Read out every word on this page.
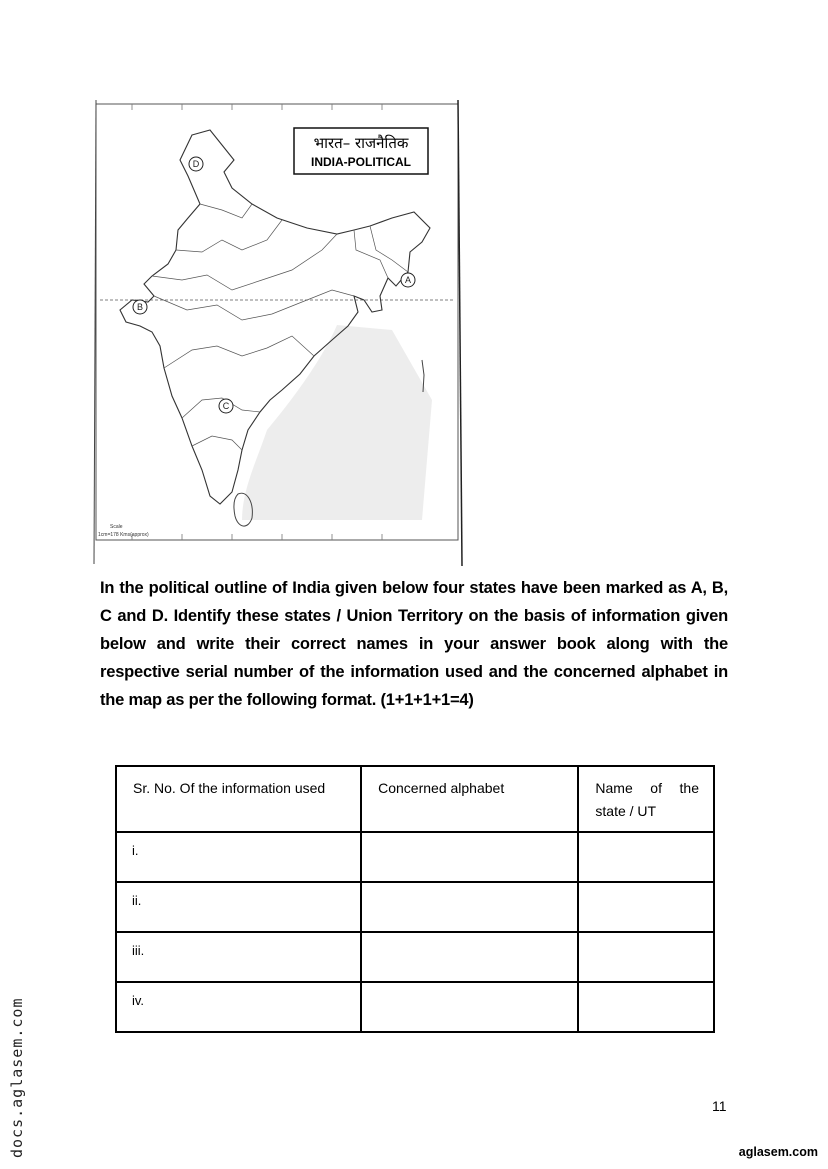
भारत– राजनैतिक
INDIA-POLITICAL
A
B
C
D
Scale
1cm=178 Kms(approx)

In the political outline of India given below four states have been marked as A, B, C and D. Identify these states / Union Territory on the basis of information given below and write their correct names in your answer book along with the respective serial number of the information used and the concerned alphabet in the map as per the following format. (1+1+1+1=4)

Sr. No. Of the information used	Concerned alphabet	Name of the state / UT
i.		
ii.		
iii.		
iv.		
docs.aglasem.com	11
aglasem.com
